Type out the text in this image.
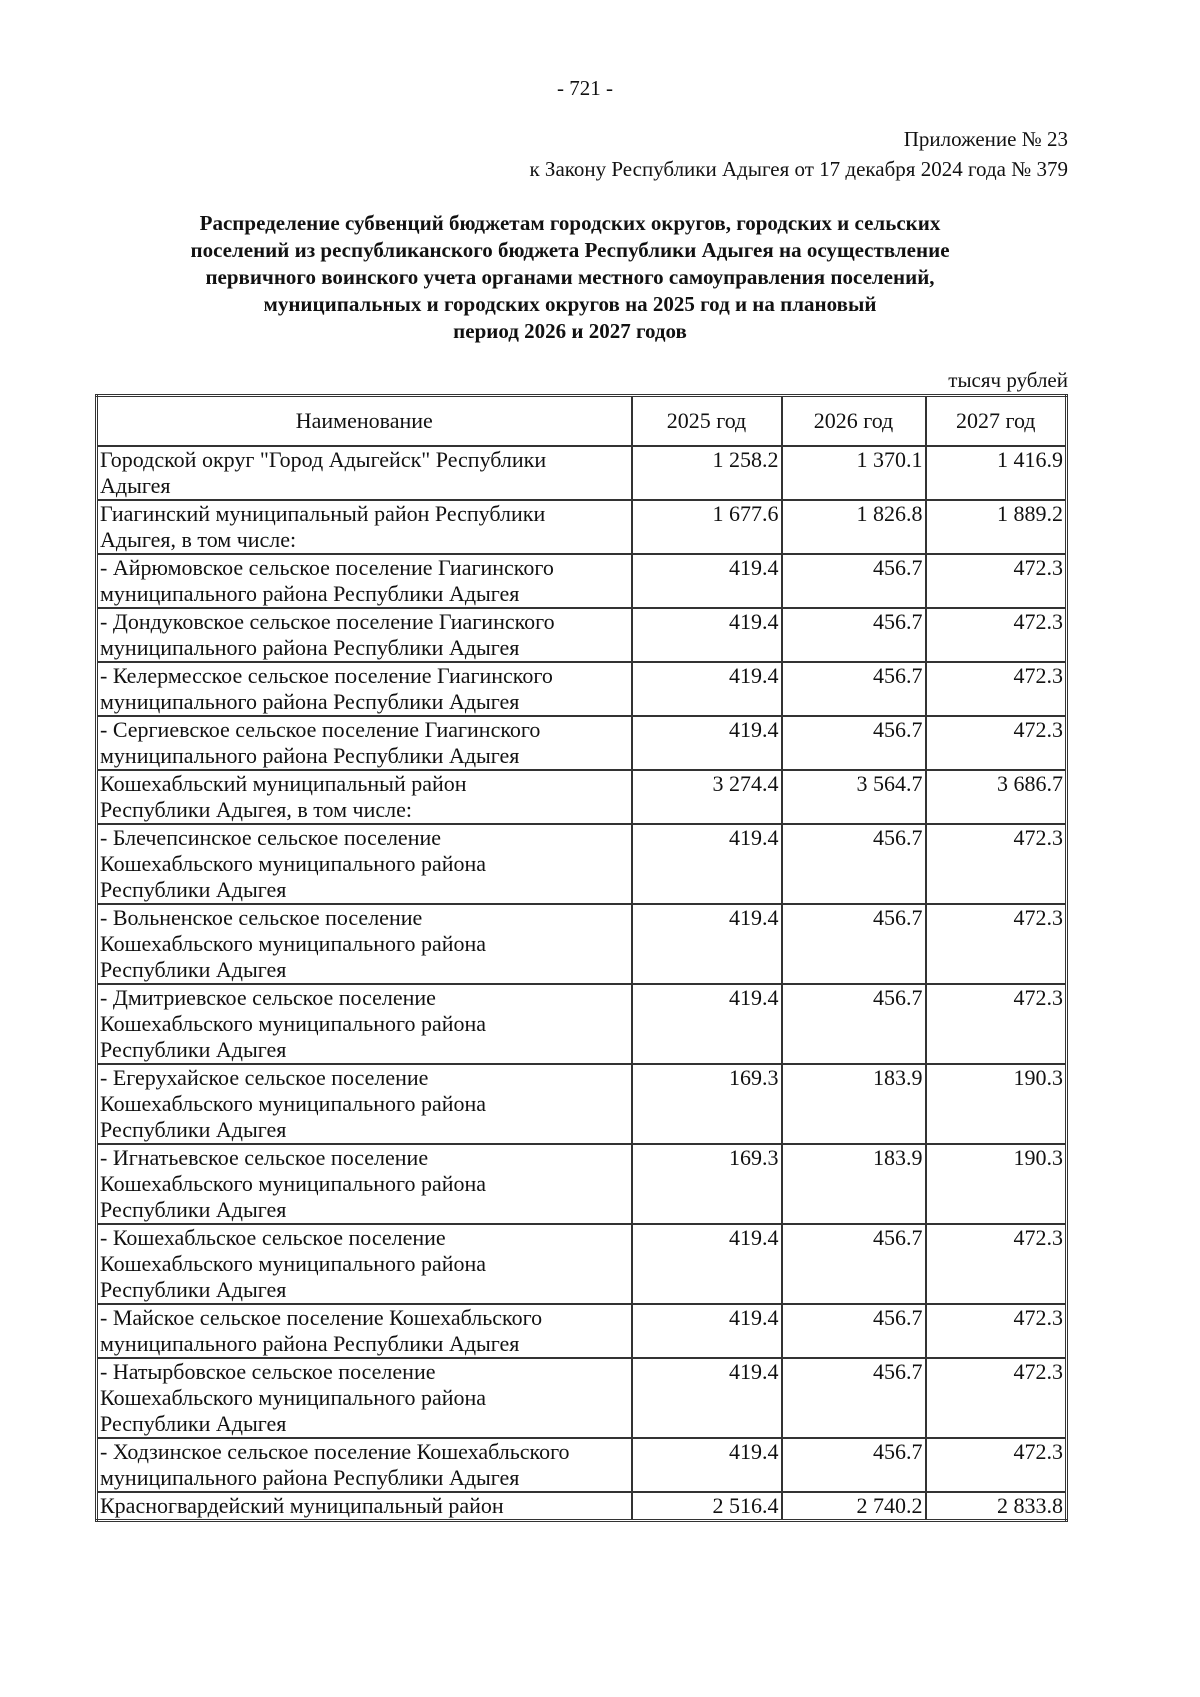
- 721 -
Приложение № 23
к Закону Республики Адыгея от 17 декабря 2024 года № 379
Распределение субвенций бюджетам городских округов, городских и сельских
поселений из республиканского бюджета Республики Адыгея на осуществление
первичного воинского учета органами местного самоуправления поселений,
муниципальных и городских округов на 2025 год и на плановый
период 2026 и 2027 годов
тысяч рублей
Наименование	2025 год	2026 год	2027 год
Городской округ "Город Адыгейск" Республики
Адыгея	1 258.2	1 370.1	1 416.9
Гиагинский муниципальный район Республики
Адыгея, в том числе:	1 677.6	1 826.8	1 889.2
- Айрюмовское сельское поселение Гиагинского
муниципального района Республики Адыгея	419.4	456.7	472.3
- Дондуковское сельское поселение Гиагинского
муниципального района Республики Адыгея	419.4	456.7	472.3
- Келермесское сельское поселение Гиагинского
муниципального района Республики Адыгея	419.4	456.7	472.3
- Сергиевское сельское поселение Гиагинского
муниципального района Республики Адыгея	419.4	456.7	472.3
Кошехабльский муниципальный район
Республики Адыгея, в том числе:	3 274.4	3 564.7	3 686.7
- Блечепсинское сельское поселение
Кошехабльского муниципального района
Республики Адыгея	419.4	456.7	472.3
- Вольненское сельское поселение
Кошехабльского муниципального района
Республики Адыгея	419.4	456.7	472.3
- Дмитриевское сельское поселение
Кошехабльского муниципального района
Республики Адыгея	419.4	456.7	472.3
- Егерухайское сельское поселение
Кошехабльского муниципального района
Республики Адыгея	169.3	183.9	190.3
- Игнатьевское сельское поселение
Кошехабльского муниципального района
Республики Адыгея	169.3	183.9	190.3
- Кошехабльское сельское поселение
Кошехабльского муниципального района
Республики Адыгея	419.4	456.7	472.3
- Майское сельское поселение Кошехабльского
муниципального района Республики Адыгея	419.4	456.7	472.3
- Натырбовское сельское поселение
Кошехабльского муниципального района
Республики Адыгея	419.4	456.7	472.3
- Ходзинское сельское поселение Кошехабльского
муниципального района Республики Адыгея	419.4	456.7	472.3
Красногвардейский муниципальный район	2 516.4	2 740.2	2 833.8
